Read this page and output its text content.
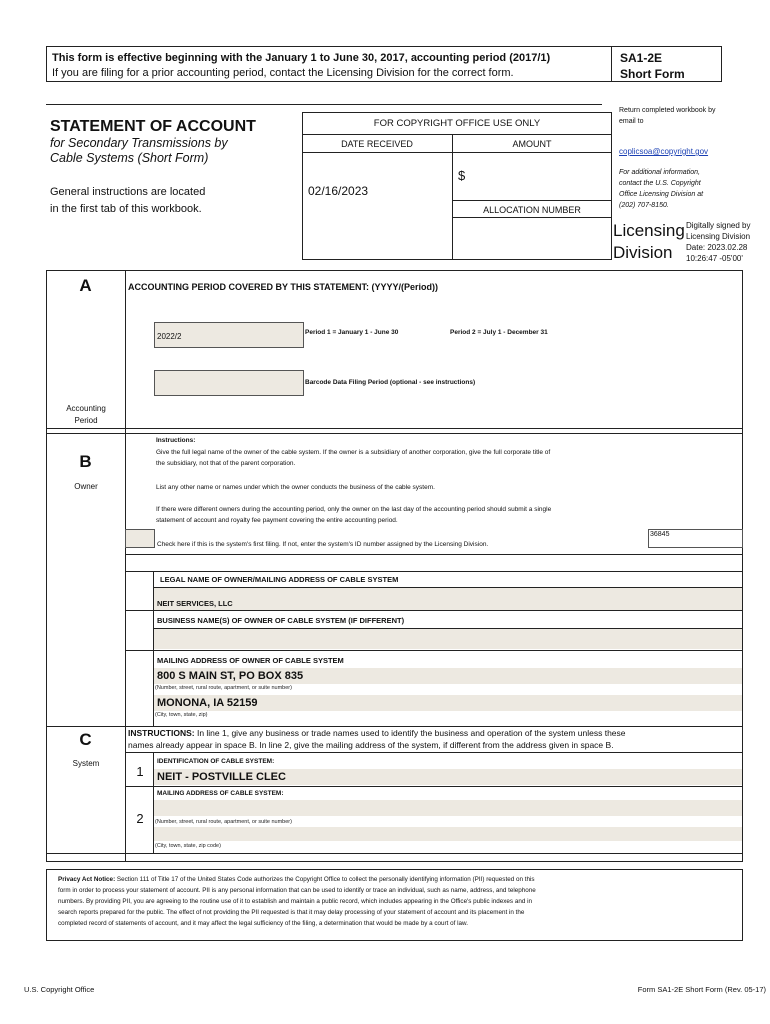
This form is effective beginning with the January 1 to June 30, 2017, accounting period (2017/1)
If you are filing for a prior accounting period, contact the Licensing Division for the correct form.
SA1-2E
Short Form
STATEMENT OF ACCOUNT
for Secondary Transmissions by
Cable Systems (Short Form)
General instructions are located
in the first tab of this workbook.
FOR COPYRIGHT OFFICE USE ONLY
DATE RECEIVED	AMOUNT
02/16/2023
$
ALLOCATION NUMBER
Return completed workbook by
email to
coplicsoa@copyright.gov
For additional information,
contact the U.S. Copyright
Office Licensing Division at
(202) 707-8150.
Licensing
Division
Digitally signed by
Licensing Division
Date: 2023.02.28
10:26:47 -05'00'
A
Accounting
Period
ACCOUNTING PERIOD COVERED BY THIS STATEMENT: (YYYY/(Period))
2022/2	Period 1 = January 1 - June 30	Period 2 = July 1 - December 31
Barcode Data Filing Period (optional - see instructions)
B
Owner
Instructions:
Give the full legal name of the owner of the cable system. If the owner is a subsidiary of another corporation, give the full corporate title of
the subsidiary, not that of the parent corporation.
List any other name or names under which the owner conducts the business of the cable system.
If there were different owners during the accounting period, only the owner on the last day of the accounting period should submit a single
statement of account and royalty fee payment covering the entire accounting period.
Check here if this is the system's first filing. If not, enter the system's ID number assigned by the Licensing Division.
36845
LEGAL NAME OF OWNER/MAILING ADDRESS OF CABLE SYSTEM
NEIT SERVICES, LLC
BUSINESS NAME(S) OF OWNER OF CABLE SYSTEM (IF DIFFERENT)
MAILING ADDRESS OF OWNER OF CABLE SYSTEM
800 S MAIN ST, PO BOX 835
(Number, street, rural route, apartment, or suite number)
MONONA, IA 52159
(City, town, state, zip)
C
System
INSTRUCTIONS: In line 1, give any business or trade names used to identify the business and operation of the system unless these
names already appear in space B. In line 2, give the mailing address of the system, if different from the address given in space B.
1
IDENTIFICATION OF CABLE SYSTEM:
NEIT - POSTVILLE CLEC
MAILING ADDRESS OF CABLE SYSTEM:
2	(Number, street, rural route, apartment, or suite number)
(City, town, state, zip code)
Privacy Act Notice: Section 111 of Title 17 of the United States Code authorizes the Copyright Office to collect the personally identifying information (PII) requested on this
form in order to process your statement of account. PII is any personal information that can be used to identify or trace an individual, such as name, address, and telephone
numbers. By providing PII, you are agreeing to the routine use of it to establish and maintain a public record, which includes appearing in the Office's public indexes and in
search reports prepared for the public. The effect of not providing the PII requested is that it may delay processing of your statement of account and its placement in the
completed record of statements of account, and it may affect the legal sufficiency of the filing, a determination that would be made by a court of law.
U.S. Copyright Office	Form SA1-2E Short Form (Rev. 05-17)
